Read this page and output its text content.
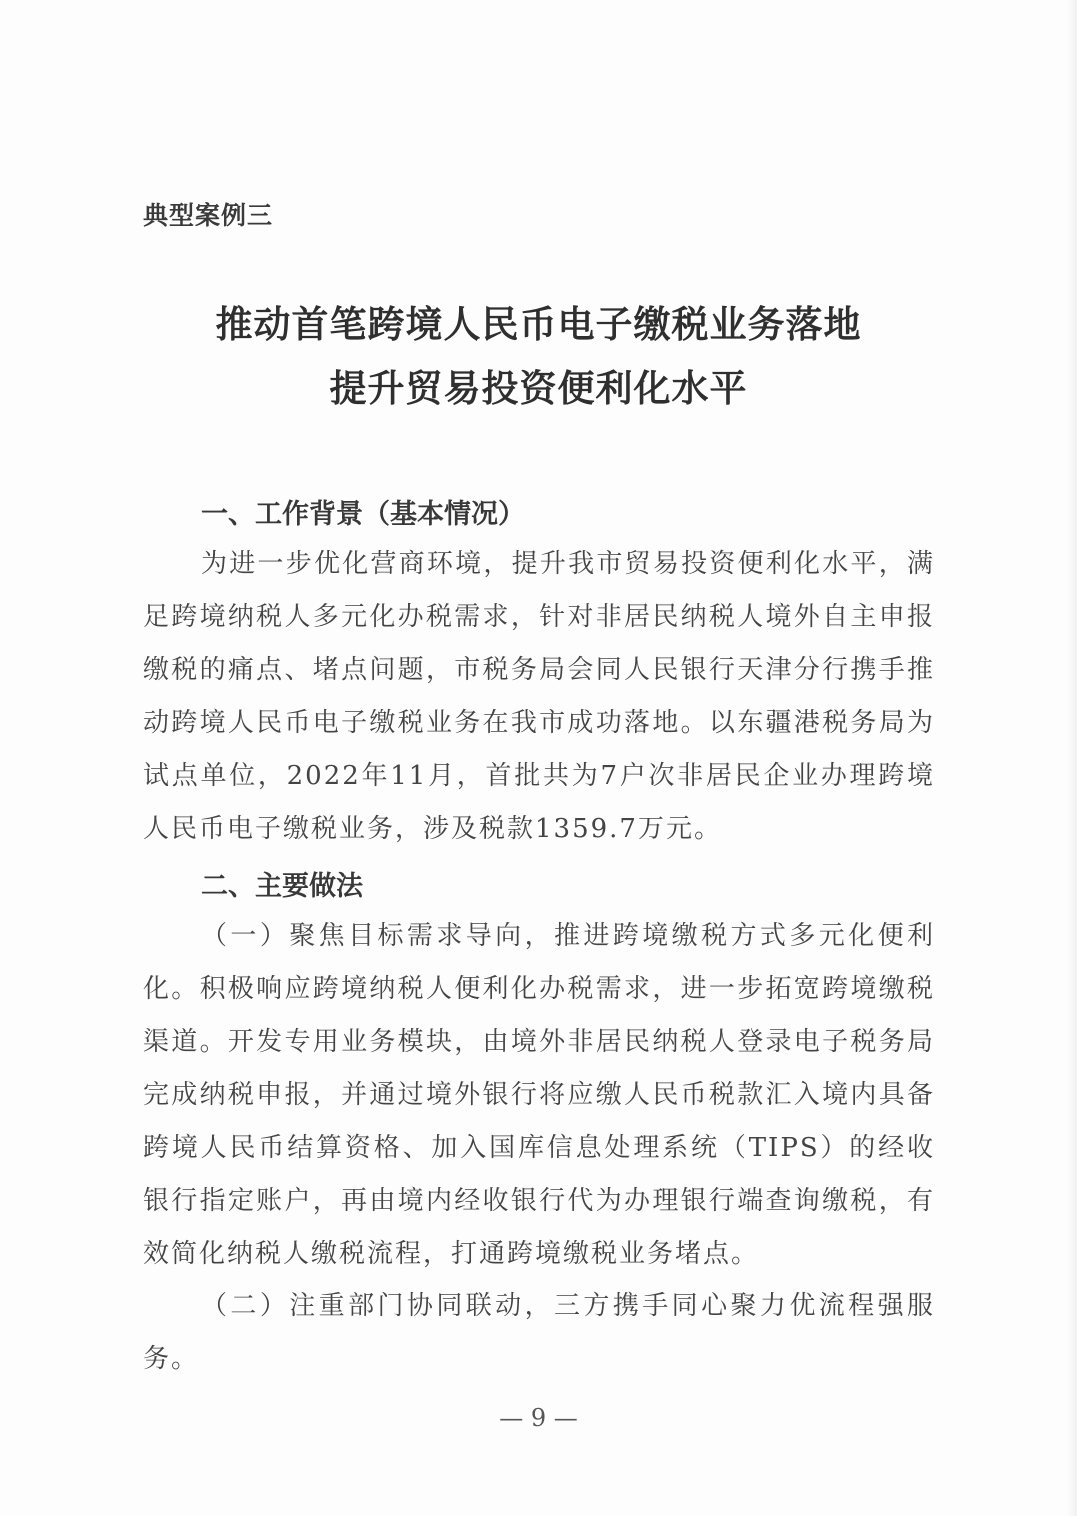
典型案例三
推动首笔跨境人民币电子缴税业务落地
提升贸易投资便利化水平
一、工作背景（基本情况）
为进一步优化营商环境，提升我市贸易投资便利化水平，满足跨境纳税人多元化办税需求，针对非居民纳税人境外自主申报缴税的痛点、堵点问题，市税务局会同人民银行天津分行携手推动跨境人民币电子缴税业务在我市成功落地。以东疆港税务局为试点单位，2022年11月，首批共为7户次非居民企业办理跨境人民币电子缴税业务，涉及税款1359.7万元。
二、主要做法
（一）聚焦目标需求导向，推进跨境缴税方式多元化便利化。积极响应跨境纳税人便利化办税需求，进一步拓宽跨境缴税渠道。开发专用业务模块，由境外非居民纳税人登录电子税务局完成纳税申报，并通过境外银行将应缴人民币税款汇入境内具备跨境人民币结算资格、加入国库信息处理系统（TIPS）的经收银行指定账户，再由境内经收银行代为办理银行端查询缴税，有效简化纳税人缴税流程，打通跨境缴税业务堵点。
（二）注重部门协同联动，三方携手同心聚力优流程强服务。
— 9 —
